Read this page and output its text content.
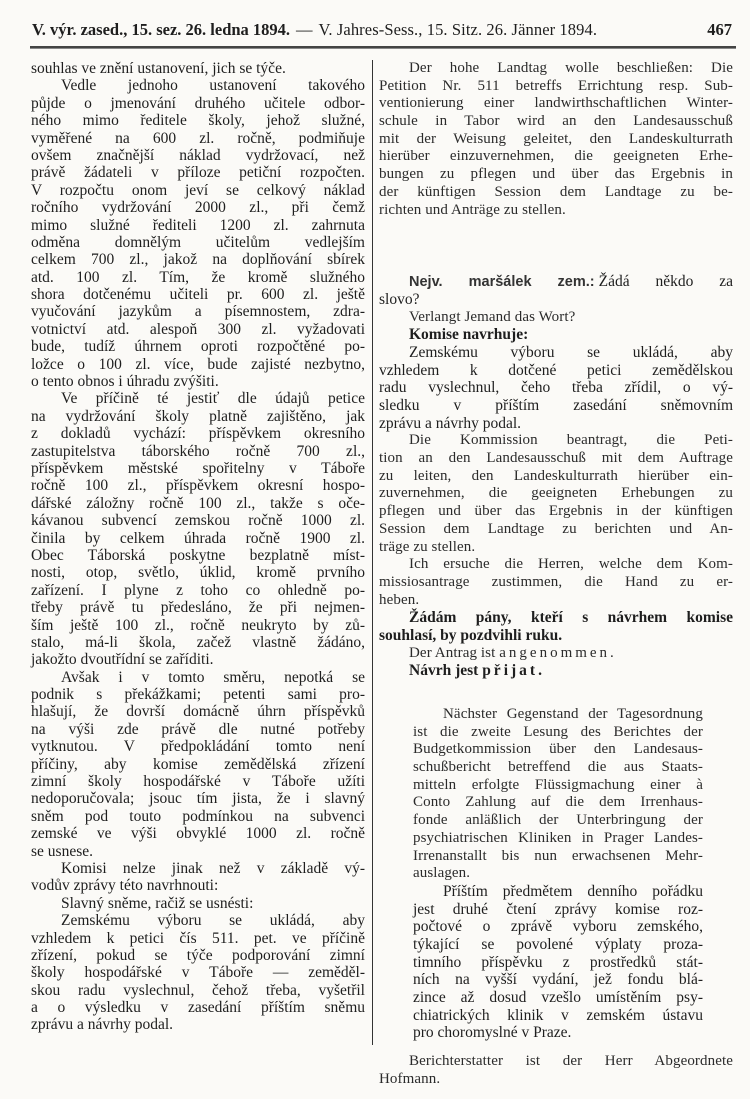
V. výr. zased., 15. sez. 26. ledna 1894. — V. Jahres-Sess., 15. Sitz. 26. Jänner 1894.	467
souhlas ve znění ustanovení, jich se týče.
Vedle jednoho ustanovení takového
půjde o jmenování druhého učitele odbor-
ného mimo ředitele školy, jehož služné,
vyměřené na 600 zl. ročně, podmiňuje
ovšem značnější náklad vydržovací, než
právě žádateli v příloze petiční rozpočten.
V rozpočtu onom jeví se celkový náklad
ročního vydržování 2000 zl., při čemž
mimo služné řediteli 1200 zl. zahrnuta
odměna domnělým učitelům vedlejším
celkem 700 zl., jakož na doplňování sbírek
atd. 100 zl. Tím, že kromě služného
shora dotčenému učiteli pr. 600 zl. ještě
vyučování jazykům a písemnostem, zdra-
votnictví atd. alespoň 300 zl. vyžadovati
bude, tudíž úhrnem oproti rozpočtěné po-
ložce o 100 zl. více, bude zajisté nezbytno,
o tento obnos i úhradu zvýšiti.
Ve příčině té jestiť dle údajů petice
na vydržování školy platně zajištěno, jak
z dokladů vychází: příspěvkem okresního
zastupitelstva táborského ročně 700 zl.,
příspěvkem městské spořitelny v Táboře
ročně 100 zl., příspěvkem okresní hospo-
dářské záložny ročně 100 zl., takže s oče-
kávanou subvencí zemskou ročně 1000 zl.
činila by celkem úhrada ročně 1900 zl.
Obec Táborská poskytne bezplatně míst-
nosti, otop, světlo, úklid, kromě prvního
zařízení. I plyne z toho co ohledně po-
třeby právě tu předesláno, že při nejmen-
ším ještě 100 zl., ročně neukryto by zů-
stalo, má-li škola, začež vlastně žádáno,
jakožto dvoutřídní se zaříditi.
Avšak i v tomto směru, nepotká se
podnik s překážkami; petenti sami pro-
hlašují, že dovrší domácně úhrn příspěvků
na výši zde právě dle nutné potřeby
vytknutou. V předpokládání tomto není
příčiny, aby komise zemědělská zřízení
zimní školy hospodářské v Táboře užíti
nedoporučovala; jsouc tím jista, že i slavný
sněm pod touto podmínkou na subvenci
zemské ve výši obvyklé 1000 zl. ročně
se usnese.
Komisi nelze jinak než v základě vý-
vodův zprávy této navrhnouti:
Slavný sněme, račiž se usnésti:
Zemskému výboru se ukládá, aby
vzhledem k petici čís 511. pet. ve příčině
zřízení, pokud se týče podporování zimní
školy hospodářské v Táboře — zeměděl-
skou radu vyslechnul, čehož třeba, vyšetřil
a o výsledku v zasedání příštím sněmu
zprávu a návrhy podal.
Der hohe Landtag wolle beschließen: Die
Petition Nr. 511 betreffs Errichtung resp. Sub-
ventionierung einer landwirthschaftlichen Winter-
schule in Tabor wird an den Landesausschuß
mit der Weisung geleitet, den Landeskulturrath
hierüber einzuvernehmen, die geeigneten Erhe-
bungen zu pflegen und über das Ergebnis in
der künftigen Session dem Landtage zu be-
richten und Anträge zu stellen.
Nejv. maršálek zem.: Žádá někdo za
slovo?
Verlangt Jemand das Wort?
Komise navrhuje:
Zemskému výboru se ukládá, aby
vzhledem k dotčené petici zemědělskou
radu vyslechnul, čeho třeba zřídil, o vý-
sledku v příštím zasedání sněmovním
zprávu a návrhy podal.
Die Kommission beantragt, die Peti-
tion an den Landesausschuß mit dem Auftrage
zu leiten, den Landeskulturrath hierüber ein-
zuvernehmen, die geeigneten Erhebungen zu
pflegen und über das Ergebnis in der künftigen
Session dem Landtage zu berichten und An-
träge zu stellen.
Ich ersuche die Herren, welche dem Kom-
missiosantrage zustimmen, die Hand zu er-
heben.
Žádám pány, kteří s návrhem komise
souhlasí, by pozdvihli ruku.
Der Antrag ist angenommen.
Návrh jest přijat.
Nächster Gegenstand der Tagesordnung
ist die zweite Lesung des Berichtes der
Budgetkommission über den Landesaus-
schußbericht betreffend die aus Staats-
mitteln erfolgte Flüssigmachung einer à
Conto Zahlung auf die dem Irrenhaus-
fonde anläßlich der Unterbringung der
psychiatrischen Kliniken in Prager Landes-
Irrenanstallt bis nun erwachsenen Mehr-
auslagen.
Příštím předmětem denního pořádku
jest druhé čtení zprávy komise roz-
počtové o zprávě vyboru zemského,
týkající se povolené výplaty proza-
timního příspěvku z prostředků stát-
ních na vyšší vydání, jež fondu blá-
zince až dosud vzešlo umístěním psy-
chiatrických klinik v zemském ústavu
pro choromyslné v Praze.
Berichterstatter ist der Herr Abgeordnete
Hofmann.
